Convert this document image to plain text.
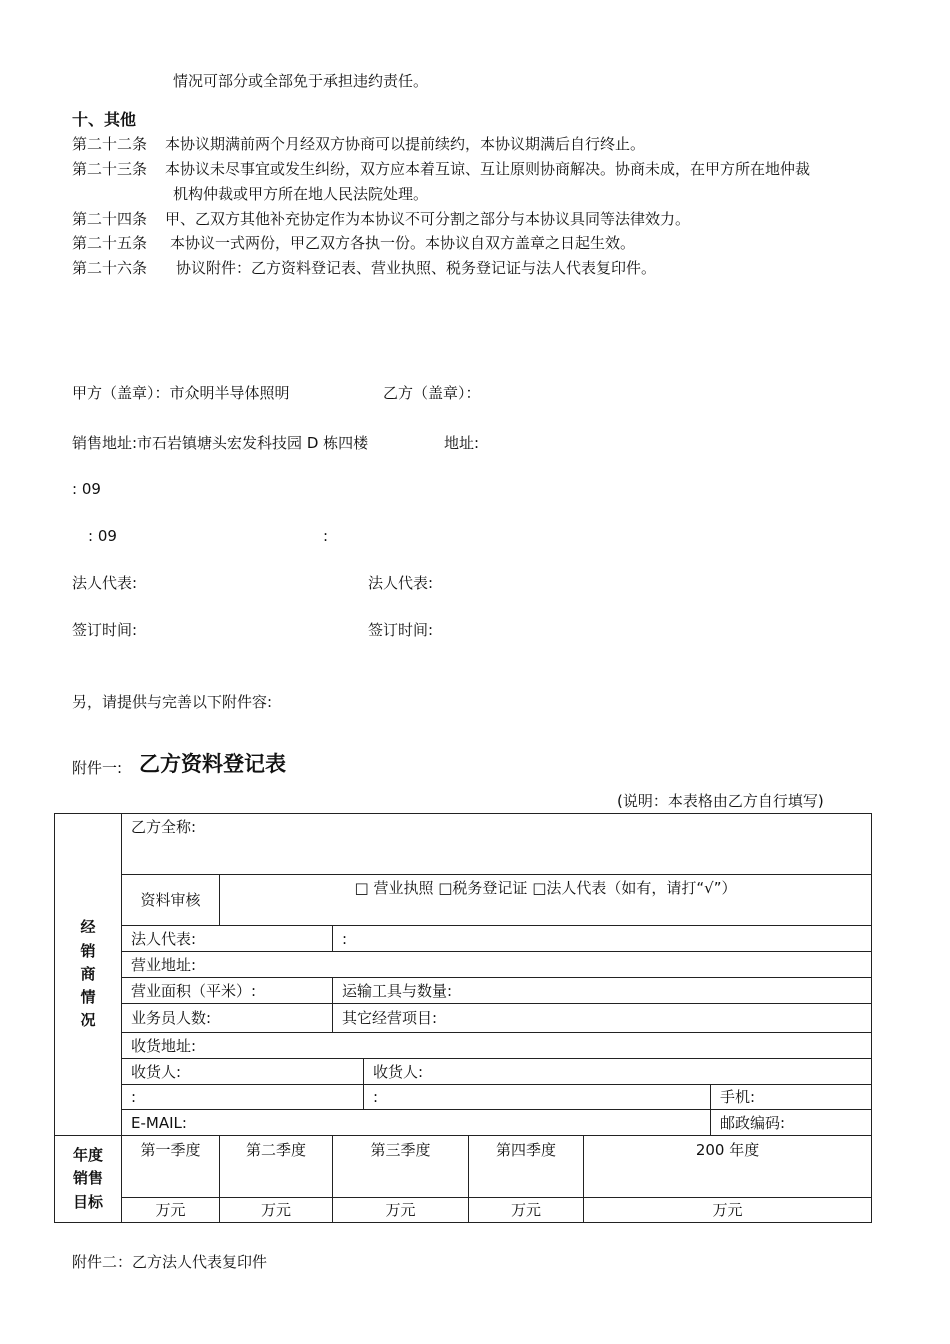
情况可部分或全部免于承担违约责任。
十、其他
第二十二条 本协议期满前两个月经双方协商可以提前续约，本协议期满后自行终止。
第二十三条 本协议未尽事宜或发生纠纷，双方应本着互谅、互让原则协商解决。协商未成，在甲方所在地仲裁
机构仲裁或甲方所在地人民法院处理。
第二十四条 甲、乙双方其他补充协定作为本协议不可分割之部分与本协议具同等法律效力。
第二十五条 本协议一式两份，甲乙双方各执一份。本协议自双方盖章之日起生效。
第二十六条 协议附件：乙方资料登记表、营业执照、税务登记证与法人代表复印件。
甲方（盖章）：市众明半导体照明	乙方（盖章）：
销售地址:市石岩镇塘头宏发科技园 D 栋四楼	地址:
: 09
: 09	:
法人代表:	法人代表:
签订时间:	签订时间:
另，请提供与完善以下附件容:
附件一: 乙方资料登记表
(说明：本表格由乙方自行填写)
经
销
商
情
况	乙方全称:						
	资料审核	□ 营业执照 □税务登记证 □法人代表（如有，请打“√”）					
	法人代表:		:				
	营业地址:						
	营业面积（平米）:		运输工具与数量:				
	业务员人数:		其它经营项目:				
	收货地址:						
	收货人:			收货人:			
	:			:			手机:
	E-MAIL:						邮政编码:

年度
销售
目标	第一季度	第二季度	第三季度		第四季度	200 年度	
	万元	万元	万元		万元	万元	
附件二：乙方法人代表复印件
